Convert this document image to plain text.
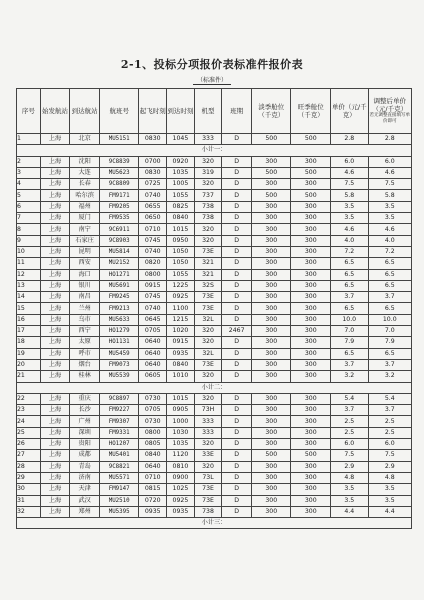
2-1、投标分项报价表标准件报价表
（标准件）
序号	始发航站	到达航站	航班号	起飞时刻	到达时刻	机型	班期	淡季舱位（千克）	旺季舱位（千克）	单价（元/千克）	调整后单价（元/千克）
若无调整直接填写单价即可

1	上海	北京	MU5151	0830	1045	333	D	500	500	2.8	2.8
小计一：											
2	上海	沈阳	9C8839	0700	0920	320	D	300	300	6.0	6.0
3	上海	大连	MU5623	0830	1035	319	D	500	500	4.6	4.6
4	上海	长春	9C8809	0725	1005	320	D	300	300	7.5	7.5
5	上海	哈尔滨	FM9171	0740	1055	737	D	500	500	5.8	5.8
6	上海	福州	FM9205	0655	0825	738	D	300	300	3.5	3.5
7	上海	厦门	FM9535	0650	0840	738	D	300	300	3.5	3.5
8	上海	南宁	9C6911	0710	1015	320	D	300	300	4.6	4.6
9	上海	石家庄	9C8903	0745	0950	320	D	300	300	4.0	4.0
10	上海	昆明	MU5814	0740	1050	73E	D	300	300	7.2	7.2
11	上海	西安	MU2152	0820	1050	321	D	300	300	6.5	6.5
12	上海	海口	HO1271	0800	1055	321	D	300	300	6.5	6.5
13	上海	银川	MU5691	0915	1225	32S	D	300	300	6.5	6.5
14	上海	南昌	FM9245	0745	0925	73E	D	300	300	3.7	3.7
15	上海	兰州	FM9213	0740	1100	73E	D	300	300	6.5	6.5
16	上海	乌市	MU5633	0645	1215	32L	D	300	300	10.0	10.0
17	上海	西宁	HO1279	0705	1020	320	2467	300	300	7.0	7.0
18	上海	太原	HO1131	0640	0915	320	D	300	300	7.9	7.9
19	上海	呼市	MU5459	0640	0935	32L	D	300	300	6.5	6.5
20	上海	烟台	FM9073	0640	0840	73E	D	300	300	3.7	3.7
21	上海	桂林	MU5539	0605	1010	320	D	300	300	3.2	3.2
小计二：											
22	上海	重庆	9C8897	0730	1015	320	D	300	300	5.4	5.4
23	上海	长沙	FM9227	0705	0905	73H	D	300	300	3.7	3.7
24	上海	广州	FM9307	0730	1000	333	D	300	300	2.5	2.5
25	上海	深圳	FM9331	0800	1030	333	D	300	300	2.5	2.5
26	上海	贵阳	HO1207	0805	1035	320	D	300	300	6.0	6.0
27	上海	成都	MU5401	0840	1120	33E	D	500	500	7.5	7.5
28	上海	青岛	9C8821	0640	0810	320	D	300	300	2.9	2.9
29	上海	济南	MU5571	0710	0900	73L	D	300	300	4.8	4.8
30	上海	天津	FM9147	0815	1025	73E	D	300	300	3.5	3.5
31	上海	武汉	MU2510	0720	0925	73E	D	300	300	3.5	3.5
32	上海	郑州	MU5395	0935	0935	738	D	300	300	4.4	4.4
小计三：											
